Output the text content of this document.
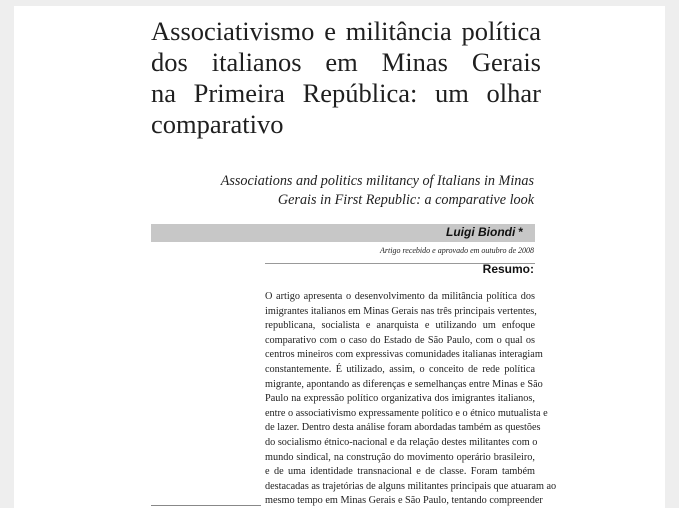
Associativismo e militância política
dos italianos em Minas Gerais
na Primeira República: um olhar
comparativo

Associations and politics militancy of Italians in Minas
Gerais in First Republic: a comparative look

Luigi Biondi *
Artigo recebido e aprovado em outubro de 2008
Resumo:
O artigo apresenta o desenvolvimento da militância política dos
imigrantes italianos em Minas Gerais nas três principais vertentes,
republicana, socialista e anarquista e utilizando um enfoque
comparativo com o caso do Estado de São Paulo, com o qual os
centros mineiros com expressivas comunidades italianas interagiam
constantemente. É utilizado, assim, o conceito de rede política
migrante, apontando as diferenças e semelhanças entre Minas e São
Paulo na expressão político organizativa dos imigrantes italianos,
entre o associativismo expressamente político e o étnico mutualista e
de lazer. Dentro desta análise foram abordadas também as questões
do socialismo étnico-nacional e da relação destes militantes com o
mundo sindical, na construção do movimento operário brasileiro,
e de uma identidade transnacional e de classe. Foram também
destacadas as trajetórias de alguns militantes principais que atuaram ao
mesmo tempo em Minas Gerais e São Paulo, tentando compreender
